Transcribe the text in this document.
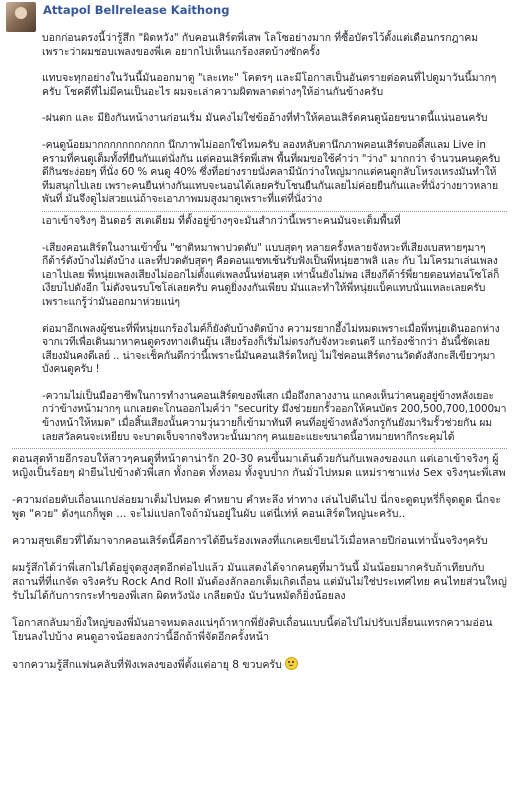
Attapol Bellrelease Kaithong

บอกก่อนตรงนี้ว่ารู้สึก "ผิดหวัง" กับคอนเสิร์ตพี่เสพ โลโซอย่างมาก ที่ซื้อบัตรไว้ตั้งแต่เดือนกรกฎาคม เพราะว่าผมชอบเพลงของพี่เค อยากไปเห็นแกร้องสดบ้างซักครั้ง

แทบจะทุกอย่างในวันนี้มันออกมาดู "เละเทะ" โคตรๆ และมีโอกาสเป็นอันตรายต่อคนที่ไปดูมาวันนี้มากๆครับ โชคดีที่ไม่มีคนเป็นอะไร ผมจะเล่าความผิดพลาดต่างๆให้อ่านกันข้างครับ

-ฝนตก และ มียิงกันหน้างานก่อนเริ่ม มันคงไม่ใช่ข้ออ้างที่ทำให้คอนเสิร์ตคนดูน้อยขนาดนี้แน่นอนครับ

-คนดูน้อยมากกกกกกกกกกก นึกภาพไม่ออกใช่ไหมครับ ลองหลับตานึกภาพคอนเสิร์ตบอดี้สแลม Live in ครามที่คนดูเต็มทั้งที่ยืนกันแต่นั่งกัน แต่คอนเสิร์ตพี่เสพ พื้นที่ผมขอใช้คำว่า "ว่าง" มากกว่า จำนวนคนดูครับ ดีกินชะง่อยๆ ที่นั่ง 60 % คนดู 40% ซึ่งที่อย่างรายนั่งคลามีนักว่างใหญ่มากแต่คนดูกลับโหรงเหรงมันทำให้ทีมสนุกไปเลย เพราะคนยืนห่างกันแทบจะนอนได้เลยครับโชนยืนกันเลยไม่ค่อยยืนกันและที่นั่งว่างยาวหลายพันที่ มันจึงดูไม่สวยแน่ถ้าจะเอาภาพมมสูงมาดูเพราะที่แต่ที่นั่งว่าง

เอาเข้าจริงๆ อินดอร์ สเตเดียม ที่ตั้งอยู่ข้างๆจะมันสำกว่านี้เพราะคนมันจะเต็มพื้นที่

-เสียงคอนเสิร์ตในงานเข้าขั้น "ชาติหมาพาปวดตับ" แบบสุดๆ หลายครั้งหลายจังหวะที่เสียงเบสหายๆมาๆ กีต้าร์ดังบ้างไม่ดังบ้าง และที่ปวดตับสุดๆ คือตอนแชทเช้นรับฟังเป็นพี่หนุ่ยฮาพลิ และ กับ ไมโครมาเล่นเพลงเอาไปเลย พี่หนุ่ยเพลงเสียงไม่ออกไม่ตั้งแต่เพลงนั้นห่อนสุด เท่านั้นยังไม่พอ เสียงกีต้าร์พี่ยายตอนท่อนโซโล่ก็เงียบไปดังอีก ไม่ดังจนรบโซโล่เลยครับ คนดูยิ่งงงกันเพียบ มันและทำให้พี่หนุ่ยแบ็คแทบนั่นแหละเลยครับ เพราะแกรู้ว่ามันออกมาห่วยแน่ๆ

ต่อมาอีกเพลงผู้ชนะที่พี่หนุ่ยแกร้องไมค์ก็ยังดับบ้างติดบ้าง ความรยากอึ้งไม่หมดเพราะเมื่อพี่หนุ่ยเดินออกห่างจากเวทีเพื่อเดินมาหาคนดูตรงทางเดินยุ้น เสียงร้องก็เริ่มไม่ตรงกับจังหวะดนตรี แกร้องช้ากว่า อันนี้ชัดเลย เสียงมันคงดีเลย์ .. น่าจะเช็คกันดีกว่านี้เพราะนี่มันคอนเสิร์ตใหญ่ ไม่ใช่คอนเสิร์ตงานวัดดังสังกะสีเขียวๆมาบังคนดูครับ !

-ความไม่เป็นมืออาชีพในการทำงานคอนเสิร์ตของพี่เสก เมื่อถึงกลางงาน แกคงเห็นว่าคนดูอยู่ข้างหลังเยอะกว่าข้างหน้ามากๆ แกเลยตะโกนออกไมค์ว่า "security มึงช่วยยกรั้วออกให้คนบัตร 200,500,700,1000มาข้างหน้าให้หมด" เมื่อสิ้นเสียงนั้นความวุ่นวายก็เข้ามาทันที คนที่อยู่ข้างหลังวิ่งกรูกันยังมาริมรั้วช่วยกัน ผมเลยสวัลคนจะเหยียบ จะบาดเจ็บจากจริงหวะนั้นมากๆ คนเยอะแยะขนาดนี้อาหมายหากีกระคุมได้

ตอนสุดท้ายอีกรอบให้สาวๆคนดูที่หน้าตาน่ารัก 20-30 คนขึ้นมาเต้นด้วยกันกับเพลงของแก แต่เอาเข้าจริงๆ ผู้หญิงเป็นร้อยๆ ฝ่ายืนไปข้างตัวพี่เสก ทั้งกอด ทั้งหอม ทั้งจูบปาก กันมั่วไปหมด แหม่ราชาแห่ง Sex จริงๆนะพี่เสพ

-ความถ่อยดับเถื่อนแกปล่อยมาเต็มไปหมด คำหยาบ คำหะลึง ท่าทาง เล่นไปดีนไป นี่กจะดูดบุหรี่ก็จุดดูด นี่กจะพูด "ควย" ดังๆแกก็พูด ... จะไม่แปลกใจถ้ามันอยู่ในผับ แต่นี่เท่ห์ คอนเสิร์ตใหญ่นะครับ..

ความสุขเดียวที่ได้มาจากคอนเสิร์ตนี้คือการได้ยืนร้องเพลงที่แกเคยเขียนไว้เมื่อหลายปีก่อนเท่านั้นจริงๆครับ

ผมรู้สึกได้ว่าพี่เสกไม่ได้อยู่จุดสูงสุดอีกต่อไปแล้ว มันแสดงได้จากคนดูที่มาวันนี้ มันน้อยมากครับถ้าเทียบกับสถานที่ที่แกจัด จริงครับ Rock And Roll มันต้องลักลอกเต็มเกิดเถื่อน แต่มันไม่ใช่ประเทศไทย คนไทยส่วนใหญ่รับไม่ได้กับการกระทำของพี่เสก ผิดหวังนัง เกลียดบัง นับวันหมัดก็ยิ่งน้อยลง

โอกาสกลับมายิ่งใหญ่ของพี่มันอาจหมดลงแน่ๆถ้าหากพี่ยังดิบเถื่อนแบบนี้ต่อไปไม่ปรับเปลี่ยนแทรกความอ่อนโยนลงไปบ้าง คนดูอาจน้อยลงกว่านี้อีกถ้าพี่จัดอีกครั้งหน้า

จากความรู้สึกแฟนคลับที่ฟังเพลงของพี่ตั้งแต่อายุ 8 ขวบครับ
